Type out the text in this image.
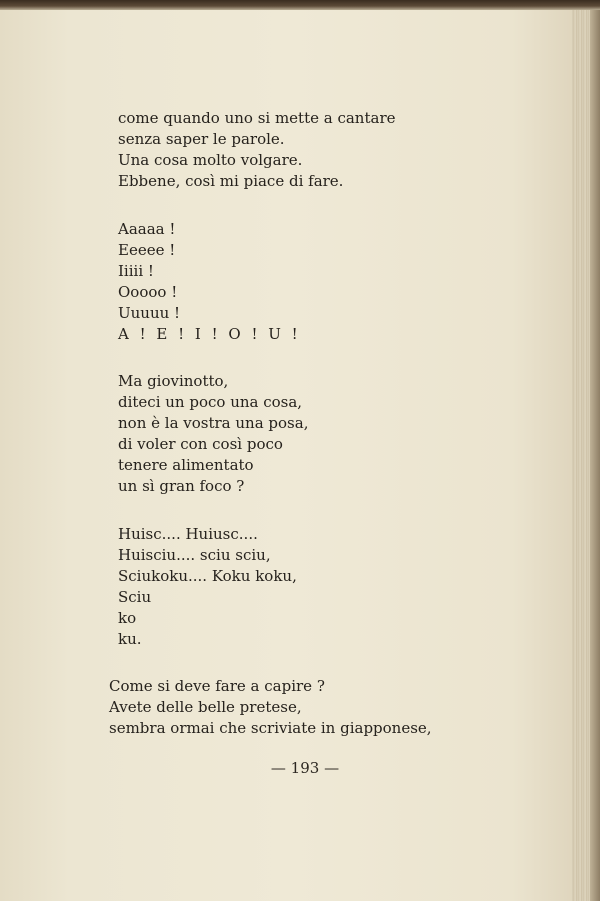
come quando uno si mette a cantare
senza saper le parole.
Una cosa molto volgare.
Ebbene, così mi piace di fare.
Aaaaa !
Eeeee !
Iiiii !
Ooooo !
Uuuuu !
A ! E ! I ! O ! U !
Ma giovinotto,
diteci un poco una cosa,
non è la vostra una posa,
di voler con così poco
tenere alimentato
un sì gran foco ?
Huisc.... Huiusc....
Huisciu.... sciu sciu,
Sciukoku.... Koku koku,
Sciu
ko
ku.
Come si deve fare a capire ?
Avete delle belle pretese,
sembra ormai che scriviate in giapponese,
— 193 —
